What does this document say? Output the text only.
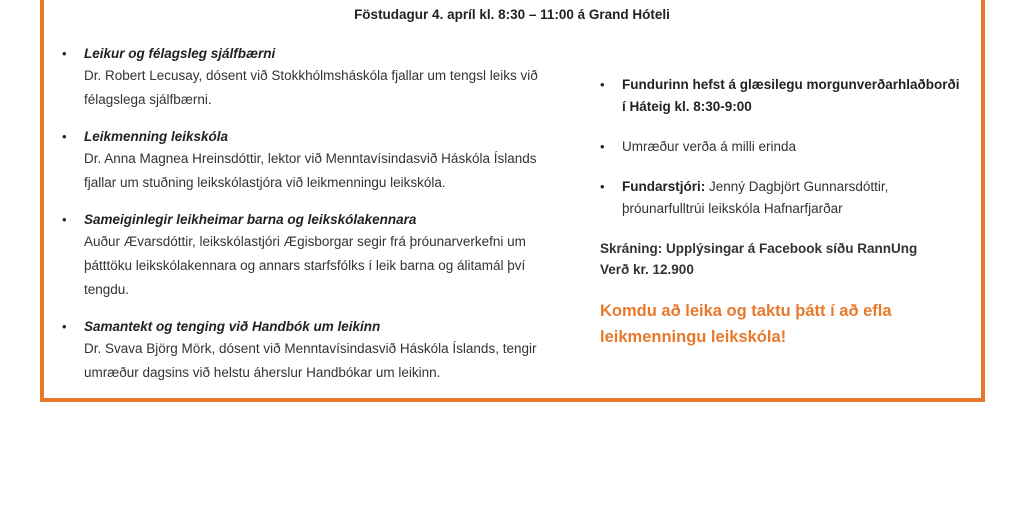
Föstudagur 4. apríl kl. 8:30 – 11:00 á Grand Hóteli
• Leikur og félagsleg sjálfbærni
Dr. Robert Lecusay, dósent við Stokkhólmsháskóla fjallar um tengsl leiks við félagslega sjálfbærni.
• Leikmenning leikskóla
Dr. Anna Magnea Hreinsdóttir, lektor við Menntavísindasvið Háskóla Íslands fjallar um stuðning leikskólastjóra við leikmenningu leikskóla.
• Sameiginlegir leikheimar barna og leikskólakennara
Auður Ævarsdóttir, leikskólastjóri Ægisborgar segir frá þróunarverkefni um þátttöku leikskólakennara og annars starfsfólks í leik barna og álitamál því tengdu.
• Samantekt og tenging við Handbók um leikinn
Dr. Svava Björg Mörk, dósent við Menntavísindasvið Háskóla Íslands, tengir umræður dagsins við helstu áherslur Handbókar um leikinn.
• Fundurinn hefst á glæsilegu morgunverðarhlaðborði í Háteig kl. 8:30-9:00
• Umræður verða á milli erinda
• Fundarstjóri: Jenný Dagbjört Gunnarsdóttir, þróunarfulltrúi leikskóla Hafnarfjarðar
Skráning: Upplýsingar á Facebook síðu RannUng
Verð kr. 12.900
Komdu að leika og taktu þátt í að efla leikmenningu leikskóla!
